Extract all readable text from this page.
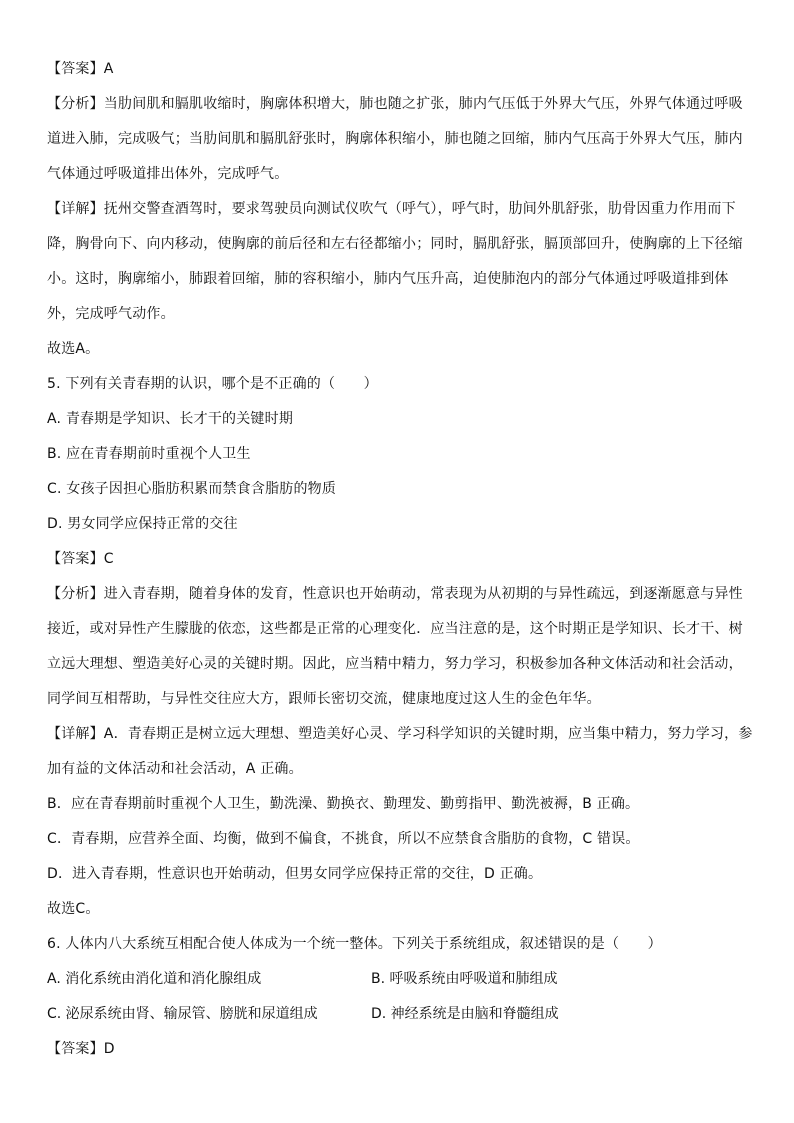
【答案】A
【分析】当肋间肌和膈肌收缩时，胸廓体积增大，肺也随之扩张，肺内气压低于外界大气压，外界气体通过呼吸
道进入肺，完成吸气；当肋间肌和膈肌舒张时，胸廓体积缩小，肺也随之回缩，肺内气压高于外界大气压，肺内
气体通过呼吸道排出体外，完成呼气。
【详解】抚州交警查酒驾时，要求驾驶员向测试仪吹气（呼气），呼气时，肋间外肌舒张，肋骨因重力作用而下
降，胸骨向下、向内移动，使胸廓的前后径和左右径都缩小；同时，膈肌舒张，膈顶部回升，使胸廓的上下径缩
小。这时，胸廓缩小，肺跟着回缩，肺的容积缩小，肺内气压升高，迫使肺泡内的部分气体通过呼吸道排到体
外，完成呼气动作。
故选A。
5. 下列有关青春期的认识，哪个是不正确的（　　）
A. 青春期是学知识、长才干的关键时期
B. 应在青春期前时重视个人卫生
C. 女孩子因担心脂肪积累而禁食含脂肪的物质
D. 男女同学应保持正常的交往
【答案】C
【分析】进入青春期，随着身体的发育，性意识也开始萌动，常表现为从初期的与异性疏远，到逐渐愿意与异性
接近，或对异性产生朦胧的依恋，这些都是正常的心理变化．应当注意的是，这个时期正是学知识、长才干、树
立远大理想、塑造美好心灵的关键时期。因此，应当精中精力，努力学习，积极参加各种文体活动和社会活动，
同学间互相帮助，与异性交往应大方，跟师长密切交流，健康地度过这人生的金色年华。
【详解】A．青春期正是树立远大理想、塑造美好心灵、学习科学知识的关键时期，应当集中精力，努力学习，参
加有益的文体活动和社会活动，A 正确。
B．应在青春期前时重视个人卫生，勤洗澡、勤换衣、勤理发、勤剪指甲、勤洗被褥，B 正确。
C．青春期，应营养全面、均衡，做到不偏食，不挑食，所以不应禁食含脂肪的食物，C 错误。
D．进入青春期，性意识也开始萌动，但男女同学应保持正常的交往，D 正确。
故选C。
6. 人体内八大系统互相配合使人体成为一个统一整体。下列关于系统组成，叙述错误的是（　　）
A. 消化系统由消化道和消化腺组成	B. 呼吸系统由呼吸道和肺组成
C. 泌尿系统由肾、输尿管、膀胱和尿道组成	D. 神经系统是由脑和脊髓组成
【答案】D
